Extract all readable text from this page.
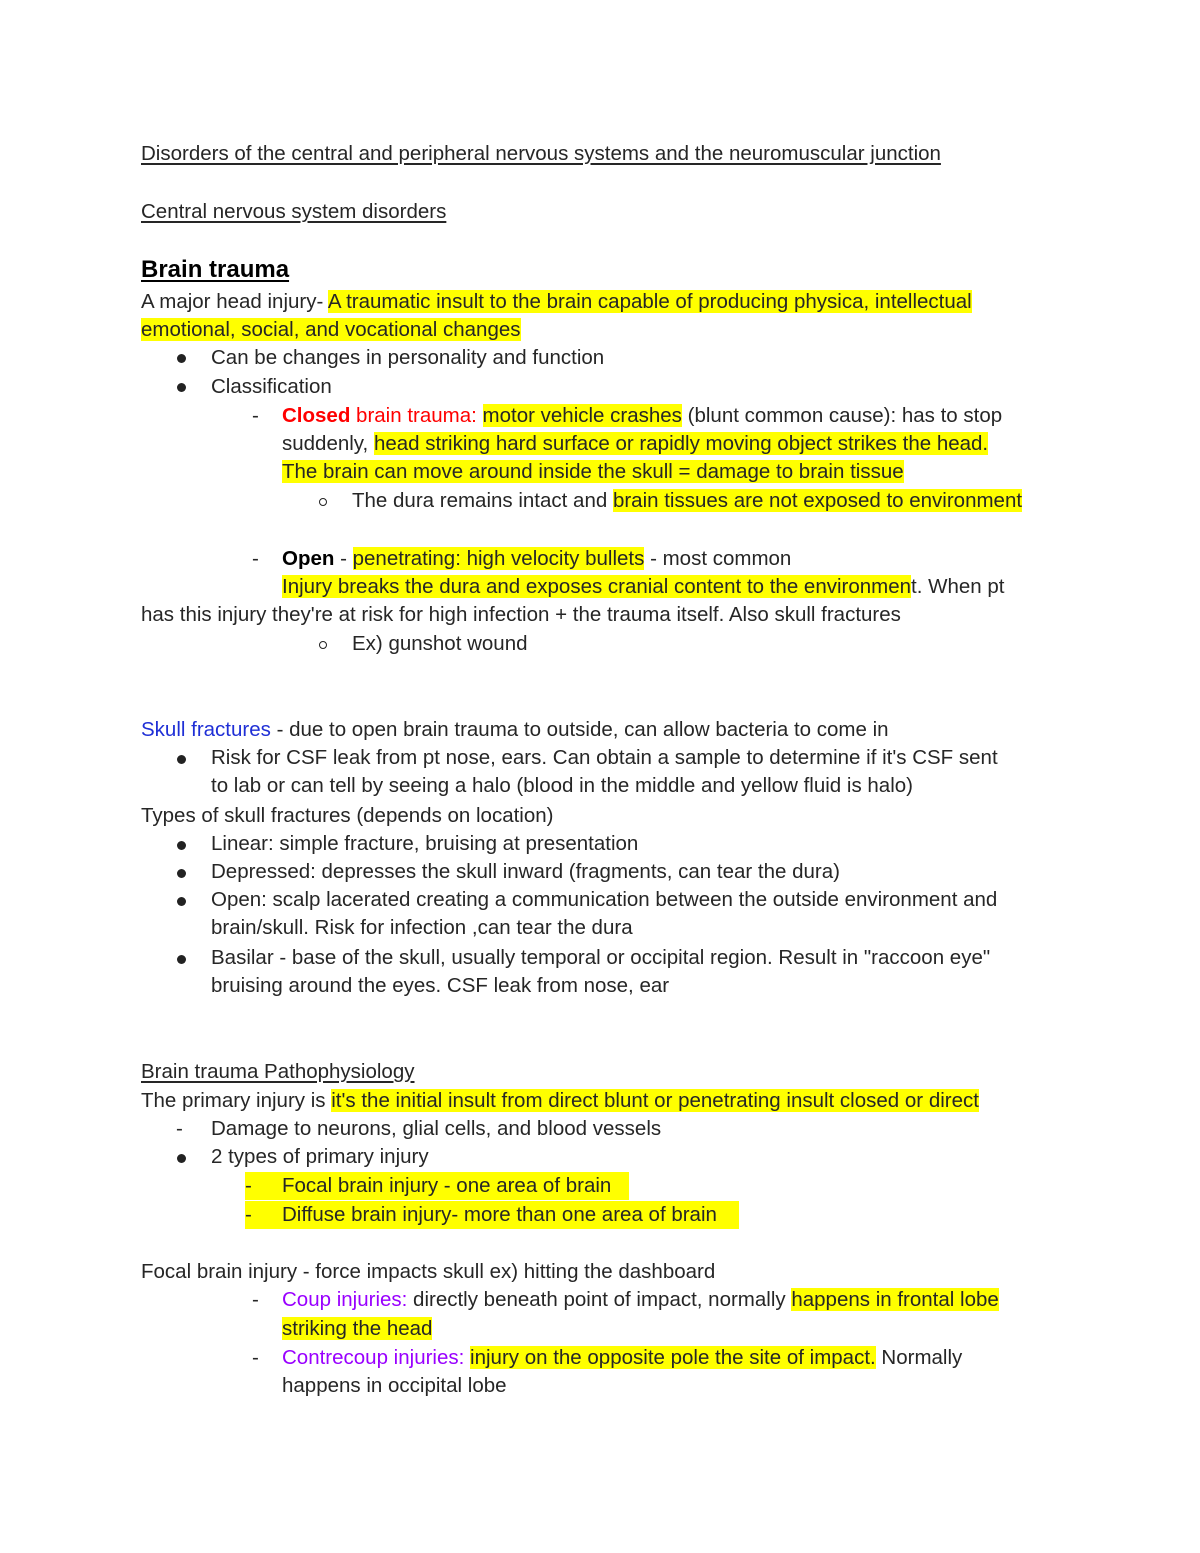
Disorders of the central and peripheral nervous systems and the neuromuscular junction
Central nervous system disorders
Brain trauma
A major head injury- A traumatic insult to the brain capable of producing physica, intellectual
emotional, social, and vocational changes
Can be changes in personality and function
Classification
- Closed brain trauma: motor vehicle crashes (blunt common cause): has to stop
suddenly, head striking hard surface or rapidly moving object strikes the head.
The brain can move around inside the skull = damage to brain tissue
The dura remains intact and brain tissues are not exposed to environment
- Open - penetrating: high velocity bullets - most common
Injury breaks the dura and exposes cranial content to the environment. When pt
has this injury they're at risk for high infection + the trauma itself. Also skull fractures
Ex) gunshot wound
Skull fractures - due to open brain trauma to outside, can allow bacteria to come in
Risk for CSF leak from pt nose, ears. Can obtain a sample to determine if it's CSF sent
to lab or can tell by seeing a halo (blood in the middle and yellow fluid is halo)
Types of skull fractures (depends on location)
Linear: simple fracture, bruising at presentation
Depressed: depresses the skull inward (fragments, can tear the dura)
Open: scalp lacerated creating a communication between the outside environment and
brain/skull. Risk for infection ,can tear the dura
Basilar - base of the skull, usually temporal or occipital region. Result in "raccoon eye"
bruising around the eyes. CSF leak from nose, ear
Brain trauma Pathophysiology
The primary injury is it's the initial insult from direct blunt or penetrating insult closed or direct
- Damage to neurons, glial cells, and blood vessels
2 types of primary injury
- Focal brain injury - one area of brain
- Diffuse brain injury- more than one area of brain
Focal brain injury - force impacts skull ex) hitting the dashboard
- Coup injuries: directly beneath point of impact, normally happens in frontal lobe
striking the head
- Contrecoup injuries: injury on the opposite pole the site of impact. Normally
happens in occipital lobe
